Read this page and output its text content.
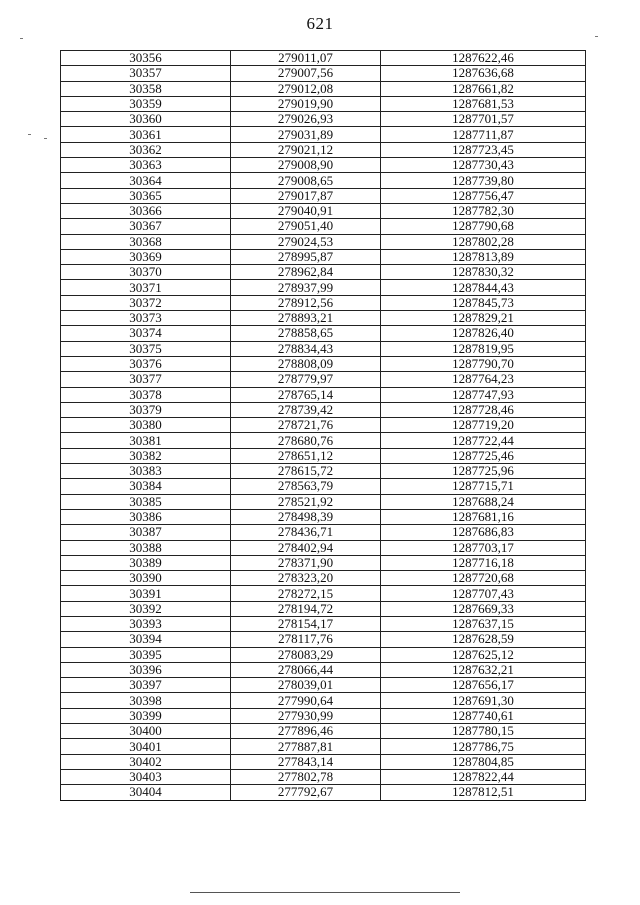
621
30356	279011,07	1287622,46
30357	279007,56	1287636,68
30358	279012,08	1287661,82
30359	279019,90	1287681,53
30360	279026,93	1287701,57
30361	279031,89	1287711,87
30362	279021,12	1287723,45
30363	279008,90	1287730,43
30364	279008,65	1287739,80
30365	279017,87	1287756,47
30366	279040,91	1287782,30
30367	279051,40	1287790,68
30368	279024,53	1287802,28
30369	278995,87	1287813,89
30370	278962,84	1287830,32
30371	278937,99	1287844,43
30372	278912,56	1287845,73
30373	278893,21	1287829,21
30374	278858,65	1287826,40
30375	278834,43	1287819,95
30376	278808,09	1287790,70
30377	278779,97	1287764,23
30378	278765,14	1287747,93
30379	278739,42	1287728,46
30380	278721,76	1287719,20
30381	278680,76	1287722,44
30382	278651,12	1287725,46
30383	278615,72	1287725,96
30384	278563,79	1287715,71
30385	278521,92	1287688,24
30386	278498,39	1287681,16
30387	278436,71	1287686,83
30388	278402,94	1287703,17
30389	278371,90	1287716,18
30390	278323,20	1287720,68
30391	278272,15	1287707,43
30392	278194,72	1287669,33
30393	278154,17	1287637,15
30394	278117,76	1287628,59
30395	278083,29	1287625,12
30396	278066,44	1287632,21
30397	278039,01	1287656,17
30398	277990,64	1287691,30
30399	277930,99	1287740,61
30400	277896,46	1287780,15
30401	277887,81	1287786,75
30402	277843,14	1287804,85
30403	277802,78	1287822,44
30404	277792,67	1287812,51
